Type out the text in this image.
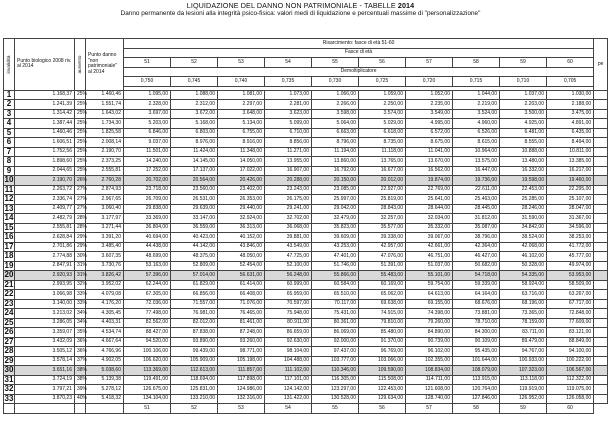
LIQUIDAZIONE DEL DANNO NON PATRIMONIALE - TABELLE 2014
Danno permanente da lesioni alla integrità psico-fisica: valori medi di liquidazione e percentuali massime di "personalizzazione"
invalidità	Punto biologico 2008 riv. al 2014	aumento	Punto danno "non patrimoniale" al 2014	Risarcimento: fasce di età 51-60										pe
				Fasce di età										
				51	52	53	54	55	56	57	58	59	60	
				Demoltiplicatore										
				0,750	0,745	0,740	0,735	0,730	0,725	0,720	0,715	0,710	0,705	

1	1.168,37	25%	1.460,46	1.095,00	1.088,00	1.081,00	1.073,00	1.066,00	1.059,00	1.052,00	1.044,00	1.037,00	1.030,00	
2	1.241,39	25%	1.551,74	2.328,00	2.312,00	2.297,00	2.281,00	2.266,00	2.250,00	2.235,00	2.219,00	2.203,00	2.188,00	
3	1.314,42	25%	1.643,02	3.697,00	3.672,00	3.648,00	3.623,00	3.598,00	3.574,00	3.549,00	3.524,00	3.500,00	3.475,00	
4	1.387,44	25%	1.734,30	5.203,00	5.168,00	5.134,00	5.099,00	5.064,00	5.029,00	4.995,00	4.960,00	4.925,00	4.891,00	
5	1.460,46	25%	1.825,58	6.846,00	6.803,00	6.755,00	6.710,00	6.663,00	6.618,00	6.572,00	6.526,00	6.481,00	6.435,00	
6	1.606,51	25%	2.008,14	9.037,00	8.976,00	8.916,00	8.856,00	8.796,00	8.735,00	8.675,00	8.615,00	8.555,00	8.494,00	
7	1.752,56	25%	2.190,70	11.501,00	11.424,00	11.348,00	11.271,00	11.194,00	11.118,00	11.041,00	10.964,00	10.888,00	10.811,00	
8	1.898,60	25%	2.373,25	14.240,00	14.145,00	14.050,00	13.955,00	13.860,00	13.765,00	13.670,00	13.575,00	13.480,00	13.385,00	
9	2.044,65	25%	2.555,81	17.252,00	17.137,00	17.022,00	16.907,00	16.792,00	16.677,00	16.562,00	16.447,00	16.332,00	16.217,00	
10	2.190,70	26%	2.760,28	20.702,00	20.564,00	20.426,00	20.288,00	20.150,00	20.012,00	19.874,00	19.736,00	19.598,00	19.460,00	
11	2.263,72	27%	2.874,93	23.718,00	23.560,00	23.402,00	23.243,00	23.085,00	22.927,00	22.769,00	22.611,00	22.453,00	22.295,00	
12	2.336,74	27%	2.967,65	26.709,00	26.531,00	26.353,00	26.175,00	25.997,00	25.819,00	25.641,00	25.463,00	25.285,00	25.107,00	
13	2.409,77	27%	3.060,40	29.838,00	29.639,00	29.440,00	29.241,00	29.042,00	28.843,00	28.644,00	28.445,00	28.246,00	28.047,00	
14	2.482,79	28%	3.177,97	33.369,00	33.147,00	32.924,00	32.702,00	32.479,00	32.257,00	32.034,00	31.812,00	31.590,00	31.367,00	
15	2.555,81	28%	3.271,44	36.804,00	36.559,00	36.313,00	36.068,00	35.823,00	35.577,00	35.332,00	35.087,00	34.842,00	34.596,00	
16	2.628,84	29%	3.391,20	40.694,00	40.423,00	40.152,00	39.881,00	39.609,00	39.338,00	39.067,00	38.796,00	38.524,00	38.253,00	
17	2.701,86	29%	3.485,40	44.438,00	44.142,00	43.846,00	43.549,00	43.253,00	42.957,00	42.661,00	42.364,00	42.068,00	41.772,00	
18	2.774,88	30%	3.607,35	48.699,00	48.375,00	48.050,00	47.725,00	47.401,00	47.076,00	46.751,00	46.427,00	46.102,00	45.777,00	
19	2.847,91	31%	3.730,76	53.163,00	52.809,00	52.454,00	52.100,00	51.746,00	51.391,00	51.037,00	50.682,00	50.328,00	49.974,00	
20	2.920,93	31%	3.826,42	57.396,00	57.014,00	56.631,00	56.248,00	55.866,00	55.483,00	55.101,00	54.718,00	54.335,00	53.953,00	
21	2.993,95	32%	3.952,02	62.244,00	61.829,00	61.414,00	60.999,00	60.584,00	60.169,00	59.754,00	59.339,00	58.924,00	58.509,00	
22	3.066,98	33%	4.079,08	67.305,00	66.856,00	66.408,00	65.959,00	65.510,00	65.062,00	64.613,00	64.164,00	63.716,00	63.267,00	
23	3.140,00	33%	4.176,20	72.036,00	71.557,00	71.076,00	70.597,00	70.117,00	69.638,00	69.155,00	68.676,00	68.196,00	67.717,00	
24	3.213,02	34%	4.305,45	77.498,00	76.981,00	76.465,00	75.948,00	75.431,00	74.915,00	74.398,00	73.881,00	73.365,00	72.848,00	
25	3.286,05	34%	4.403,31	82.562,00	82.012,00	81.461,00	80.911,00	80.361,00	79.810,00	79.260,00	78.710,00	78.159,00	77.609,00	
26	3.359,07	35%	4.534,74	88.427,00	87.838,00	87.248,00	86.659,00	86.069,00	85.480,00	84.890,00	84.300,00	83.711,00	83.121,00	
27	3.432,09	36%	4.667,64	94.520,00	93.890,00	93.260,00	92.630,00	92.000,00	91.370,00	90.739,00	90.109,00	89.479,00	88.849,00	
28	3.505,12	36%	4.766,96	100.106,00	99.439,00	98.771,00	98.104,00	97.437,00	96.769,00	96.102,00	95.435,00	94.767,00	94.100,00	
29	3.578,14	37%	4.902,05	106.620,00	105.909,00	105.198,00	104.488,00	103.777,00	103.066,00	102.355,00	101.644,00	100.933,00	100.222,00	
30	3.651,16	38%	5.038,60	113.369,00	112.613,00	111.857,00	111.102,00	110.346,00	109.590,00	108.834,00	108.079,00	107.323,00	106.567,00	
31	3.724,19	38%	5.139,38	119.491,00	118.694,00	117.898,00	117.101,00	116.305,00	115.508,00	114.711,00	113.915,00	113.118,00	112.322,00	
32	3.797,21	39%	5.278,12	126.675,00	125.831,00	124.986,00	124.142,00	123.297,00	122.453,00	121.608,00	120.764,00	119.919,00	119.075,00	
33	3.870,23	40%	5.418,32	134.104,00	133.210,00	132.316,00	131.422,00	130.528,00	129.634,00	128.740,00	127.846,00	126.952,00	126.058,00	
				51	52	53	54	55	56	57	58	59	60	
